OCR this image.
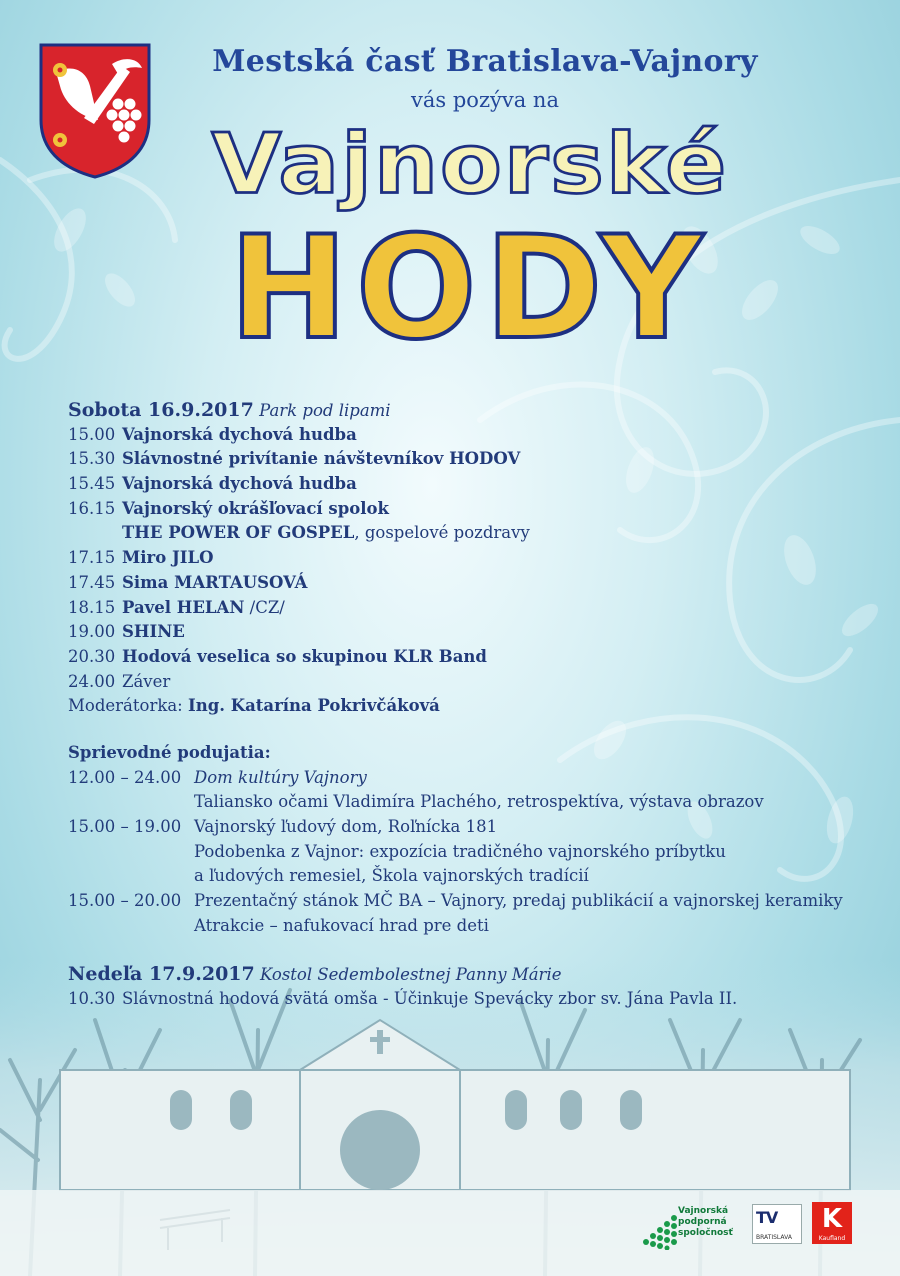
Mestská časť Bratislava-Vajnory
vás pozýva na
Vajnorské
HODY
Sobota 16.9.2017 Park pod lipami
15.00 Vajnorská dychová hudba
15.30 Slávnostné privítanie návštevníkov HODOV
15.45 Vajnorská dychová hudba
16.15 Vajnorský okrášľovací spolok
THE POWER OF GOSPEL, gospelové pozdravy
17.15 Miro JILO
17.45 Sima MARTAUSOVÁ
18.15 Pavel HELAN /CZ/
19.00 SHINE
20.30 Hodová veselica so skupinou KLR Band
24.00 Záver
Moderátorka: Ing. Katarína Pokrivčáková
Sprievodné podujatia:
12.00 – 24.00 Dom kultúry Vajnory
Taliansko očami Vladimíra Plachého, retrospektíva, výstava obrazov
15.00 – 19.00 Vajnorský ľudový dom, Roľnícka 181
Podobenka z Vajnor: expozícia tradičného vajnorského príbytku
a ľudových remesiel, Škola vajnorských tradícií
15.00 – 20.00 Prezentačný stánok MČ BA – Vajnory, predaj publikácií a vajnorskej keramiky
Atrakcie – nafukovací hrad pre deti
Nedeľa 17.9.2017 Kostol Sedembolestnej Panny Márie
10.30 Slávnostná hodová svätá omša - Účinkuje Spevácky zbor sv. Jána Pavla II.
Vajnorská
podporná
spoločnosť
TV
BRATISLAVA
K
Kaufland
